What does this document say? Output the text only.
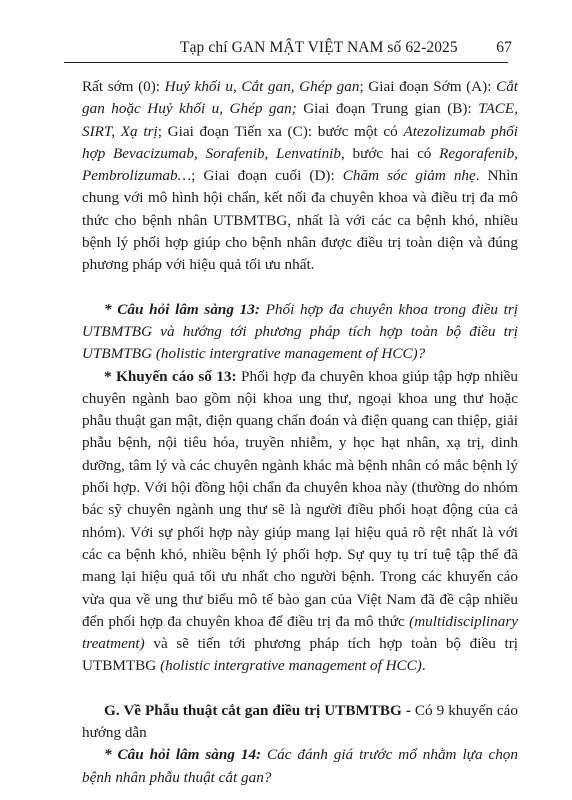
Tạp chí GAN MẬT VIỆT NAM số 62-2025 67

Rất sớm (0): Huỷ khối u, Cắt gan, Ghép gan; Giai đoạn Sớm (A): Cắt gan hoặc Huỷ khối u, Ghép gan; Giai đoạn Trung gian (B): TACE, SIRT, Xạ trị; Giai đoạn Tiến xa (C): bước một có Atezolizumab phối hợp Bevacizumab, Sorafenib, Lenvatinib, bước hai có Regorafenib, Pembrolizumab…; Giai đoạn cuối (D): Chăm sóc giảm nhẹ. Nhìn chung với mô hình hội chẩn, kết nối đa chuyên khoa và điều trị đa mô thức cho bệnh nhân UTBMTBG, nhất là với các ca bệnh khó, nhiều bệnh lý phối hợp giúp cho bệnh nhân được điều trị toàn diện và đúng phương pháp với hiệu quả tối ưu nhất.

* Câu hỏi lâm sàng 13: Phối hợp đa chuyên khoa trong điều trị UTBMTBG và hướng tới phương pháp tích hợp toàn bộ điều trị UTBMTBG (holistic intergrative management of HCC)?

* Khuyến cáo số 13: Phối hợp đa chuyên khoa giúp tập hợp nhiều chuyên ngành bao gồm nội khoa ung thư, ngoại khoa ung thư hoặc phẫu thuật gan mật, điện quang chẩn đoán và điện quang can thiệp, giải phẫu bệnh, nội tiêu hóa, truyền nhiễm, y học hạt nhân, xạ trị, dinh dưỡng, tâm lý và các chuyên ngành khác mà bệnh nhân có mắc bệnh lý phối hợp. Với hội đồng hội chẩn đa chuyên khoa này (thường do nhóm bác sỹ chuyên ngành ung thư sẽ là người điều phối hoạt động của cả nhóm). Với sự phối hợp này giúp mang lại hiệu quả rõ rệt nhất là với các ca bệnh khó, nhiều bệnh lý phối hợp. Sự quy tụ trí tuệ tập thể đã mang lại hiệu quả tối ưu nhất cho người bệnh. Trong các khuyến cáo vừa qua về ung thư biểu mô tế bào gan của Việt Nam đã đề cập nhiều đến phối hợp đa chuyên khoa để điều trị đa mô thức (multidisciplinary treatment) và sẽ tiến tới phương pháp tích hợp toàn bộ điều trị UTBMTBG (holistic intergrative management of HCC).

G. Về Phẫu thuật cắt gan điều trị UTBMTBG - Có 9 khuyến cáo hướng dẫn

* Câu hỏi lâm sàng 14: Các đánh giá trước mổ nhằm lựa chọn bệnh nhân phẫu thuật cắt gan?
